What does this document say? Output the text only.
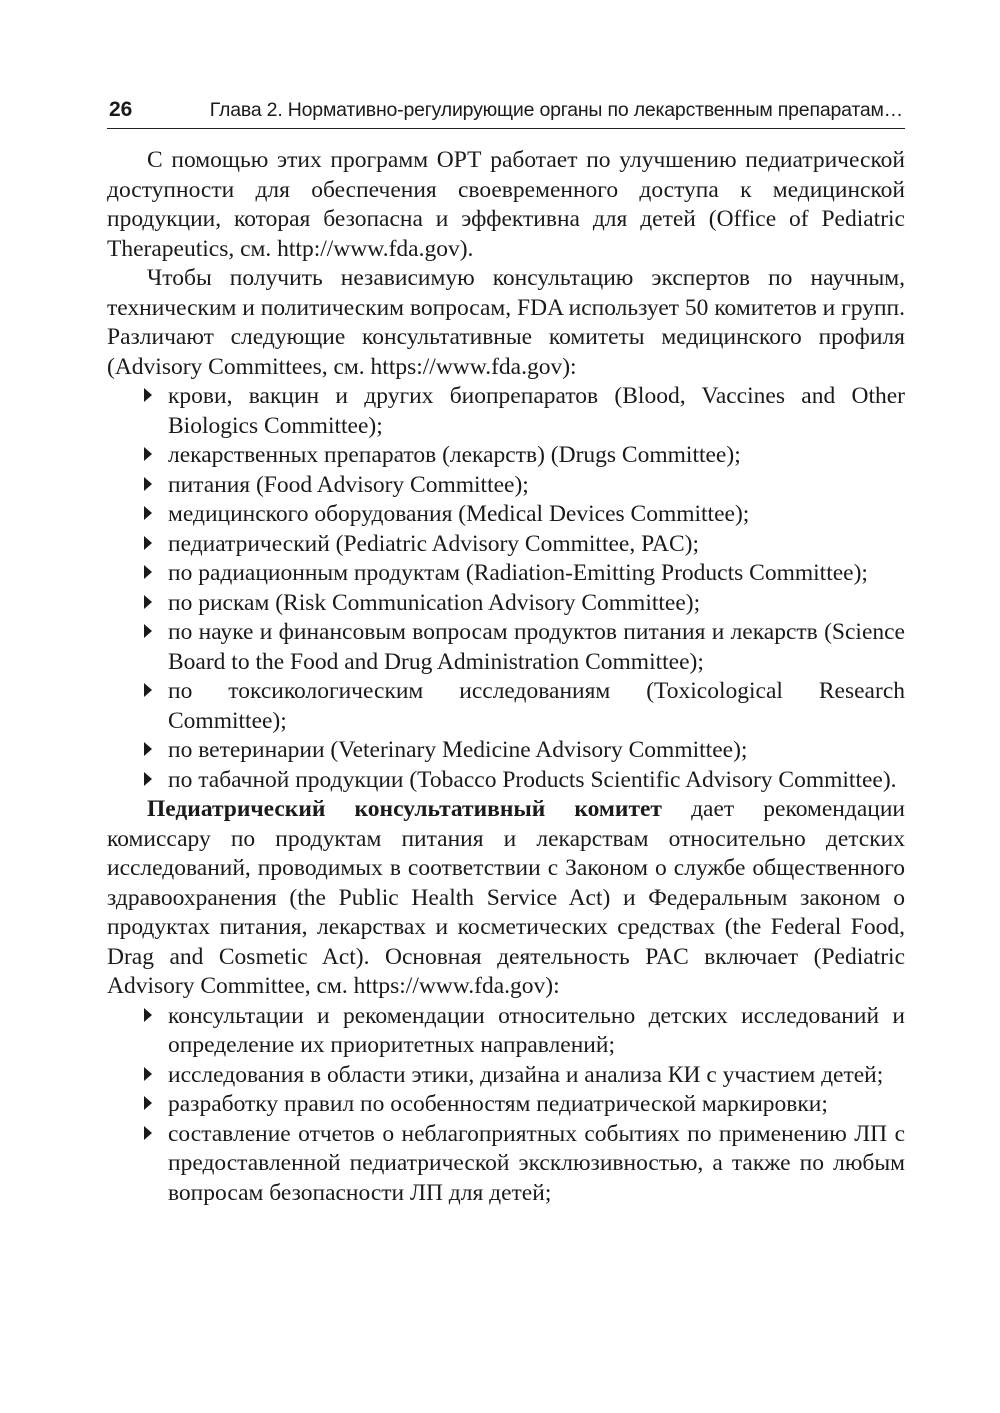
26	Глава 2. Нормативно-регулирующие органы по лекарственным препаратам…

С помощью этих программ ОРТ работает по улучшению педиатрической доступности для обеспечения своевременного доступа к медицинской продукции, которая безопасна и эффективна для детей (Office of Pediatric Therapeutics, см. http://www.fda.gov).

Чтобы получить независимую консультацию экспертов по научным, техническим и политическим вопросам, FDA использует 50 комитетов и групп. Различают следующие консультативные комитеты медицинского профиля (Advisory Committees, см. https://www.fda.gov):

крови, вакцин и других биопрепаратов (Blood, Vaccines and Other Biologics Committee);
лекарственных препаратов (лекарств) (Drugs Committee);
питания (Food Advisory Committee);
медицинского оборудования (Medical Devices Committee);
педиатрический (Pediatric Advisory Committee, PAC);
по радиационным продуктам (Radiation-Emitting Products Committee);
по рискам (Risk Communication Advisory Committee);
по науке и финансовым вопросам продуктов питания и лекарств (Science Board to the Food and Drug Administration Committee);
по токсикологическим исследованиям (Toxicological Research Committee);
по ветеринарии (Veterinary Medicine Advisory Committee);
по табачной продукции (Tobacco Products Scientific Advisory Committee).

Педиатрический консультативный комитет дает рекомендации комиссару по продуктам питания и лекарствам относительно детских исследований, проводимых в соответствии с Законом о службе общественного здравоохранения (the Public Health Service Act) и Федеральным законом о продуктах питания, лекарствах и косметических средствах (the Federal Food, Drag and Cosmetic Act). Основная деятельность PAC включает (Pediatric Advisory Committee, см. https://www.fda.gov):

консультации и рекомендации относительно детских исследований и определение их приоритетных направлений;
исследования в области этики, дизайна и анализа КИ с участием детей;
разработку правил по особенностям педиатрической маркировки;
составление отчетов о неблагоприятных событиях по применению ЛП с предоставленной педиатрической эксклюзивностью, а также по любым вопросам безопасности ЛП для детей;
